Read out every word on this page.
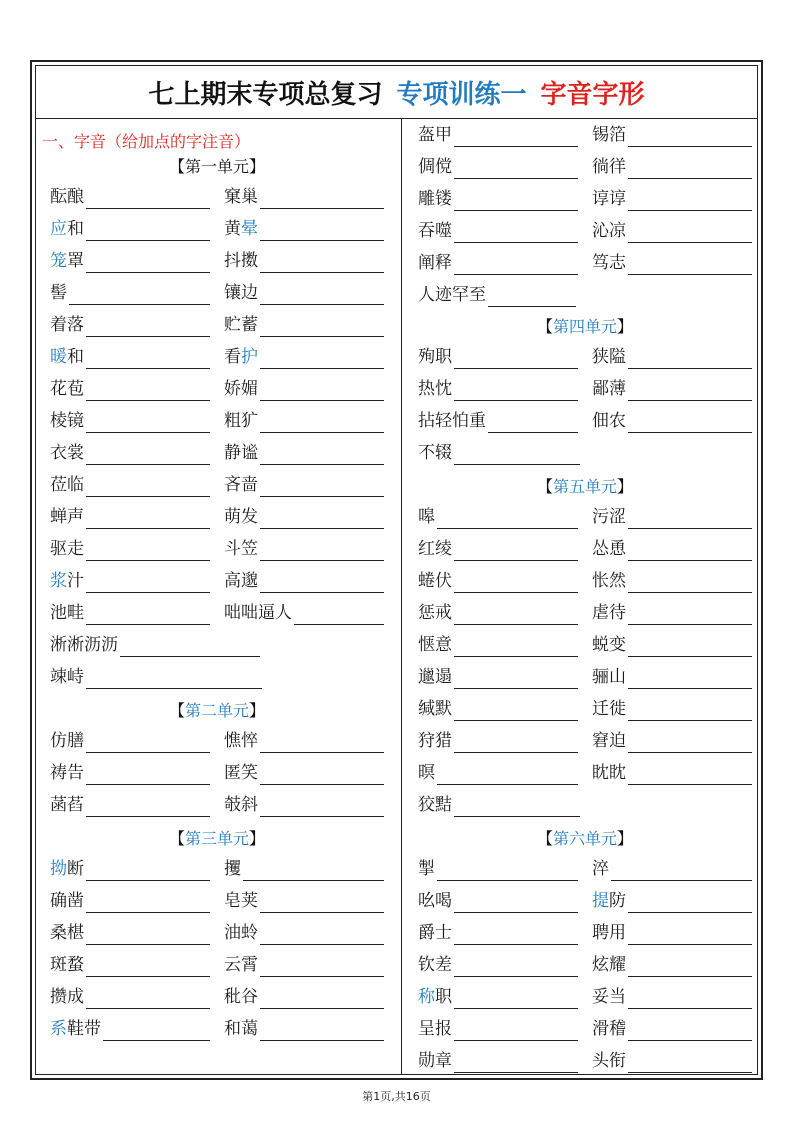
七上期末专项总复习 专项训练一 字音字形
一、字音（给加点的字注音）
【第一单元】
酝酿	窠巢
应和	黄晕
笼罩	抖擞
髻	镶边
着落	贮蓄
暖和	看护
花苞	娇媚
棱镜	粗犷
衣裳	静谧
莅临	吝啬
蝉声	萌发
驱走	斗笠
浆汁	高邈
池畦	咄咄逼人
淅淅沥沥
竦峙
【第二单元】
仿膳	憔悴
祷告	匿笑
菡萏	攲斜
【第三单元】
拗断	攫
确凿	皂荚
桑椹	油蛉
斑蝥	云霄
攒成	秕谷
系鞋带	和蔼
盔甲	锡箔
倜傥	徜徉
雕镂	谆谆
吞噬	沁凉
阐释	笃志
人迹罕至
【第四单元】
殉职	狭隘
热忱	鄙薄
拈轻怕重	佃农
不辍
【第五单元】
嗥	污涩
红绫	怂恿
蜷伏	怅然
惩戒	虐待
惬意	蜕变
邋遢	骊山
缄默	迁徙
狩猎	窘迫
暝	眈眈
狡黠
【第六单元】
掣	淬
吆喝	提防
爵士	聘用
钦差	炫耀
称职	妥当
呈报	滑稽
勋章	头衔
第1页,共16页
